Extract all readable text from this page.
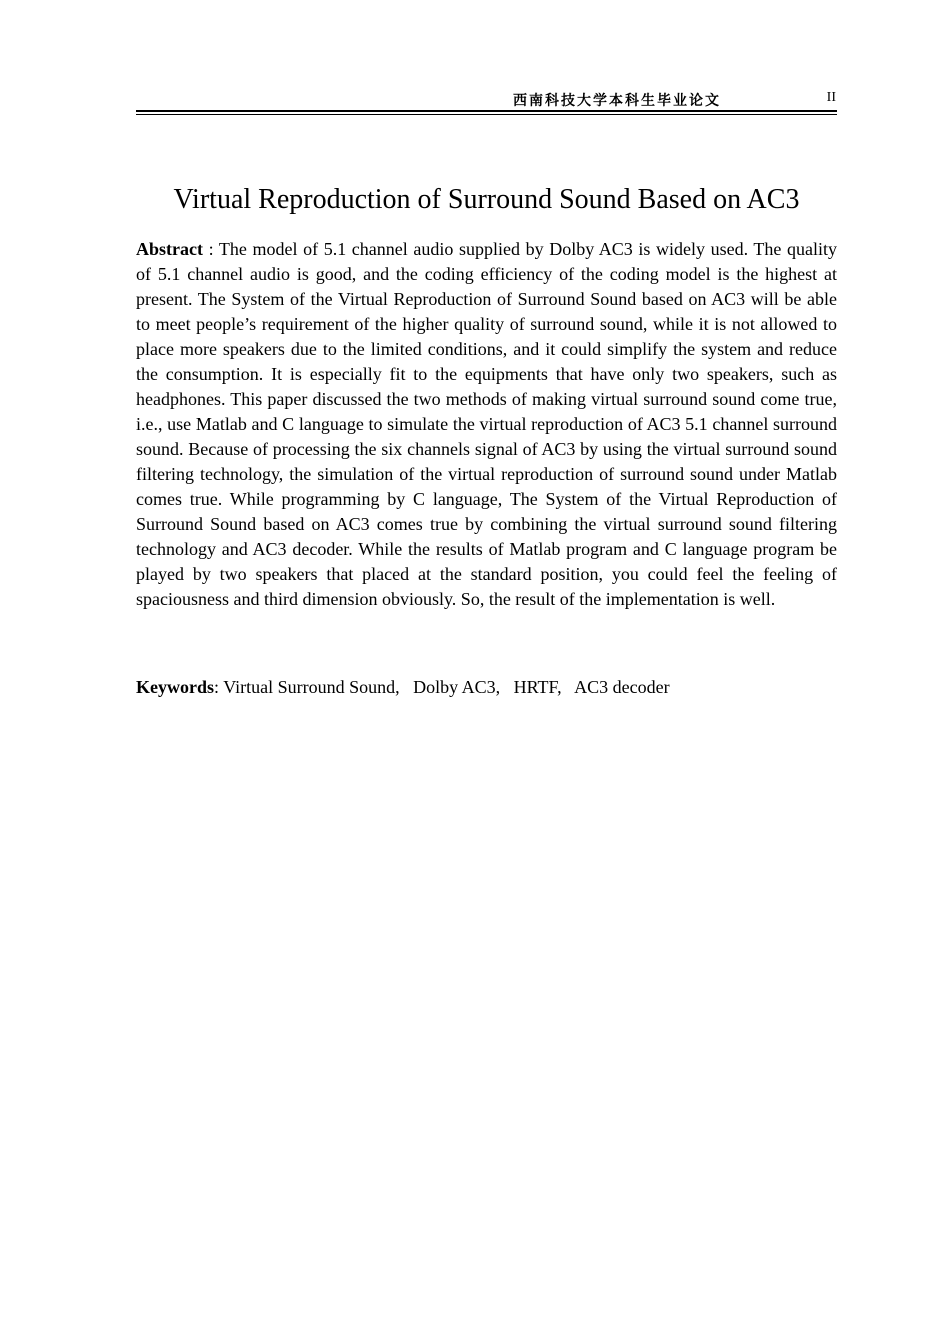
西南科技大学本科生毕业论文	II
Virtual Reproduction of Surround Sound Based on AC3

Abstract : The model of 5.1 channel audio supplied by Dolby AC3 is widely used. The quality of 5.1 channel audio is good, and the coding efficiency of the coding model is the highest at present. The System of the Virtual Reproduction of Surround Sound based on AC3 will be able to meet people’s requirement of the higher quality of surround sound, while it is not allowed to place more speakers due to the limited conditions, and it could simplify the system and reduce the consumption. It is especially fit to the equipments that have only two speakers, such as headphones. This paper discussed the two methods of making virtual surround sound come true, i.e., use Matlab and C language to simulate the virtual reproduction of AC3 5.1 channel surround sound. Because of processing the six channels signal of AC3 by using the virtual surround sound filtering technology, the simulation of the virtual reproduction of surround sound under Matlab comes true. While programming by C language, The System of the Virtual Reproduction of Surround Sound based on AC3 comes true by combining the virtual surround sound filtering technology and AC3 decoder. While the results of Matlab program and C language program be played by two speakers that placed at the standard position, you could feel the feeling of spaciousness and third dimension obviously. So, the result of the implementation is well.

Keywords: Virtual Surround Sound, Dolby AC3, HRTF, AC3 decoder
